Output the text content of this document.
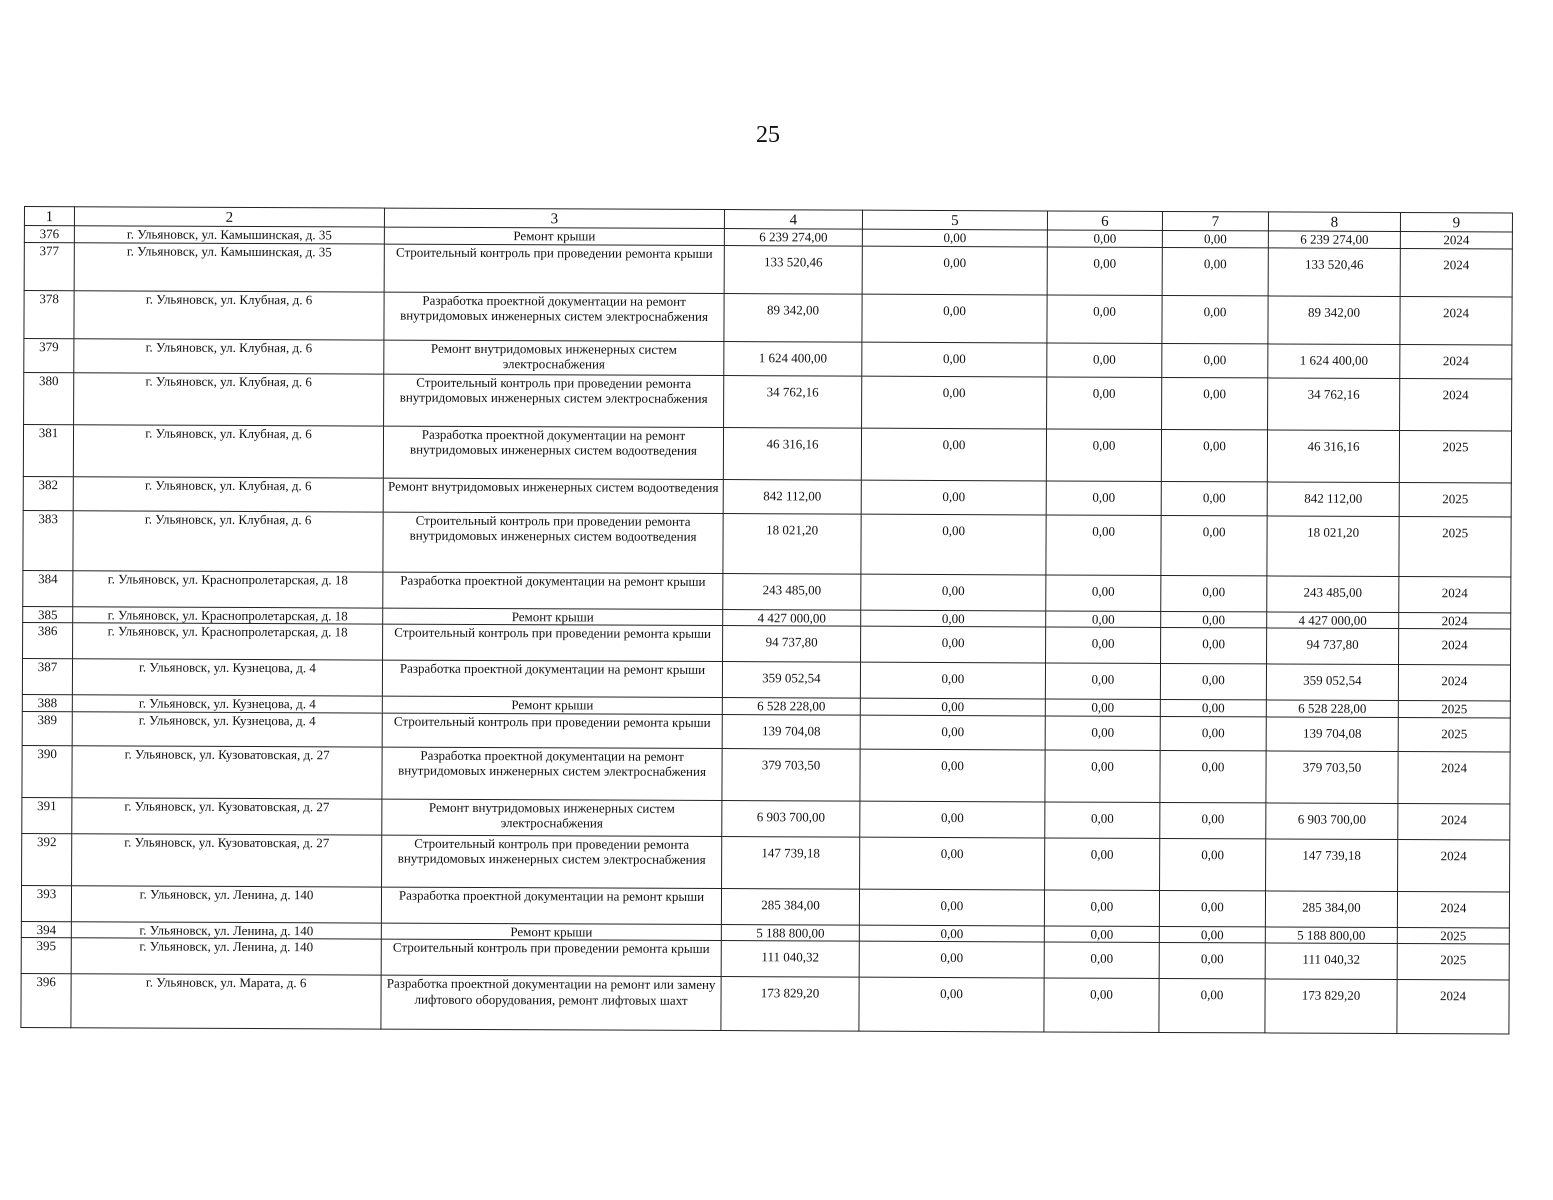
25
1	2	3	4	5	6	7	8	9
376	г. Ульяновск, ул. Камышинская, д. 35	Ремонт крыши	6 239 274,00	0,00	0,00	0,00	6 239 274,00	2024
377	г. Ульяновск, ул. Камышинская, д. 35	Строительный контроль при проведении ремонта крыши	133 520,46	0,00	0,00	0,00	133 520,46	2024
378	г. Ульяновск, ул. Клубная, д. 6	Разработка проектной документации на ремонт внутридомовых инженерных систем электроснабжения	89 342,00	0,00	0,00	0,00	89 342,00	2024
379	г. Ульяновск, ул. Клубная, д. 6	Ремонт внутридомовых инженерных систем электроснабжения	1 624 400,00	0,00	0,00	0,00	1 624 400,00	2024
380	г. Ульяновск, ул. Клубная, д. 6	Строительный контроль при проведении ремонта внутридомовых инженерных систем электроснабжения	34 762,16	0,00	0,00	0,00	34 762,16	2024
381	г. Ульяновск, ул. Клубная, д. 6	Разработка проектной документации на ремонт внутридомовых инженерных систем водоотведения	46 316,16	0,00	0,00	0,00	46 316,16	2025
382	г. Ульяновск, ул. Клубная, д. 6	Ремонт внутридомовых инженерных систем водоотведения	842 112,00	0,00	0,00	0,00	842 112,00	2025
383	г. Ульяновск, ул. Клубная, д. 6	Строительный контроль при проведении ремонта внутридомовых инженерных систем водоотведения	18 021,20	0,00	0,00	0,00	18 021,20	2025
384	г. Ульяновск, ул. Краснопролетарская, д. 18	Разработка проектной документации на ремонт крыши	243 485,00	0,00	0,00	0,00	243 485,00	2024
385	г. Ульяновск, ул. Краснопролетарская, д. 18	Ремонт крыши	4 427 000,00	0,00	0,00	0,00	4 427 000,00	2024
386	г. Ульяновск, ул. Краснопролетарская, д. 18	Строительный контроль при проведении ремонта крыши	94 737,80	0,00	0,00	0,00	94 737,80	2024
387	г. Ульяновск, ул. Кузнецова, д. 4	Разработка проектной документации на ремонт крыши	359 052,54	0,00	0,00	0,00	359 052,54	2024
388	г. Ульяновск, ул. Кузнецова, д. 4	Ремонт крыши	6 528 228,00	0,00	0,00	0,00	6 528 228,00	2025
389	г. Ульяновск, ул. Кузнецова, д. 4	Строительный контроль при проведении ремонта крыши	139 704,08	0,00	0,00	0,00	139 704,08	2025
390	г. Ульяновск, ул. Кузоватовская, д. 27	Разработка проектной документации на ремонт внутридомовых инженерных систем электроснабжения	379 703,50	0,00	0,00	0,00	379 703,50	2024
391	г. Ульяновск, ул. Кузоватовская, д. 27	Ремонт внутридомовых инженерных систем электроснабжения	6 903 700,00	0,00	0,00	0,00	6 903 700,00	2024
392	г. Ульяновск, ул. Кузоватовская, д. 27	Строительный контроль при проведении ремонта внутридомовых инженерных систем электроснабжения	147 739,18	0,00	0,00	0,00	147 739,18	2024
393	г. Ульяновск, ул. Ленина, д. 140	Разработка проектной документации на ремонт крыши	285 384,00	0,00	0,00	0,00	285 384,00	2024
394	г. Ульяновск, ул. Ленина, д. 140	Ремонт крыши	5 188 800,00	0,00	0,00	0,00	5 188 800,00	2025
395	г. Ульяновск, ул. Ленина, д. 140	Строительный контроль при проведении ремонта крыши	111 040,32	0,00	0,00	0,00	111 040,32	2025
396	г. Ульяновск, ул. Марата, д. 6	Разработка проектной документации на ремонт или замену лифтового оборудования, ремонт лифтовых шахт	173 829,20	0,00	0,00	0,00	173 829,20	2024
